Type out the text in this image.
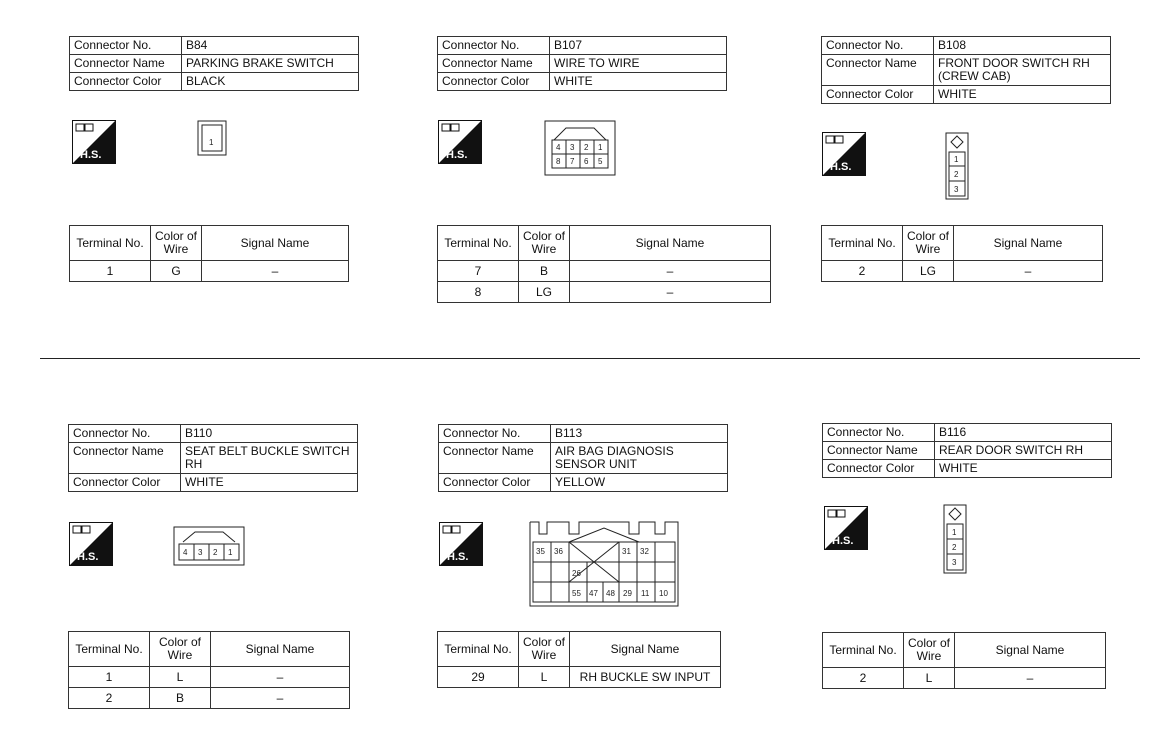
Connector No.	B84
Connector Name	PARKING BRAKE SWITCH
Connector Color	BLACK
H.S.
1
Terminal No.	Color of Wire	Signal Name
1	G	–
Connector No.	B107
Connector Name	WIRE TO WIRE
Connector Color	WHITE
H.S.
4 3 2 1
8 7 6 5
Terminal No.	Color of Wire	Signal Name
7	B	–
8	LG	–
Connector No.	B108
Connector Name	FRONT DOOR SWITCH RH (CREW CAB)
Connector Color	WHITE
H.S.
1
2
3
Terminal No.	Color of Wire	Signal Name
2	LG	–
Connector No.	B110
Connector Name	SEAT BELT BUCKLE SWITCH RH
Connector Color	WHITE
H.S.	4 3 2 1
Terminal No.	Color of Wire	Signal Name
1	L	–
2	B	–
Connector No.	B113
Connector Name	AIR BAG DIAGNOSIS SENSOR UNIT
Connector Color	YELLOW
H.S.	35 36	31 32
26
55 47 48 29 11 10
Terminal No.	Color of Wire	Signal Name
29	L	RH BUCKLE SW INPUT
Connector No.	B116
Connector Name	REAR DOOR SWITCH RH
Connector Color	WHITE
H.S.
1
2
3
Terminal No.	Color of Wire	Signal Name
2	L	–
